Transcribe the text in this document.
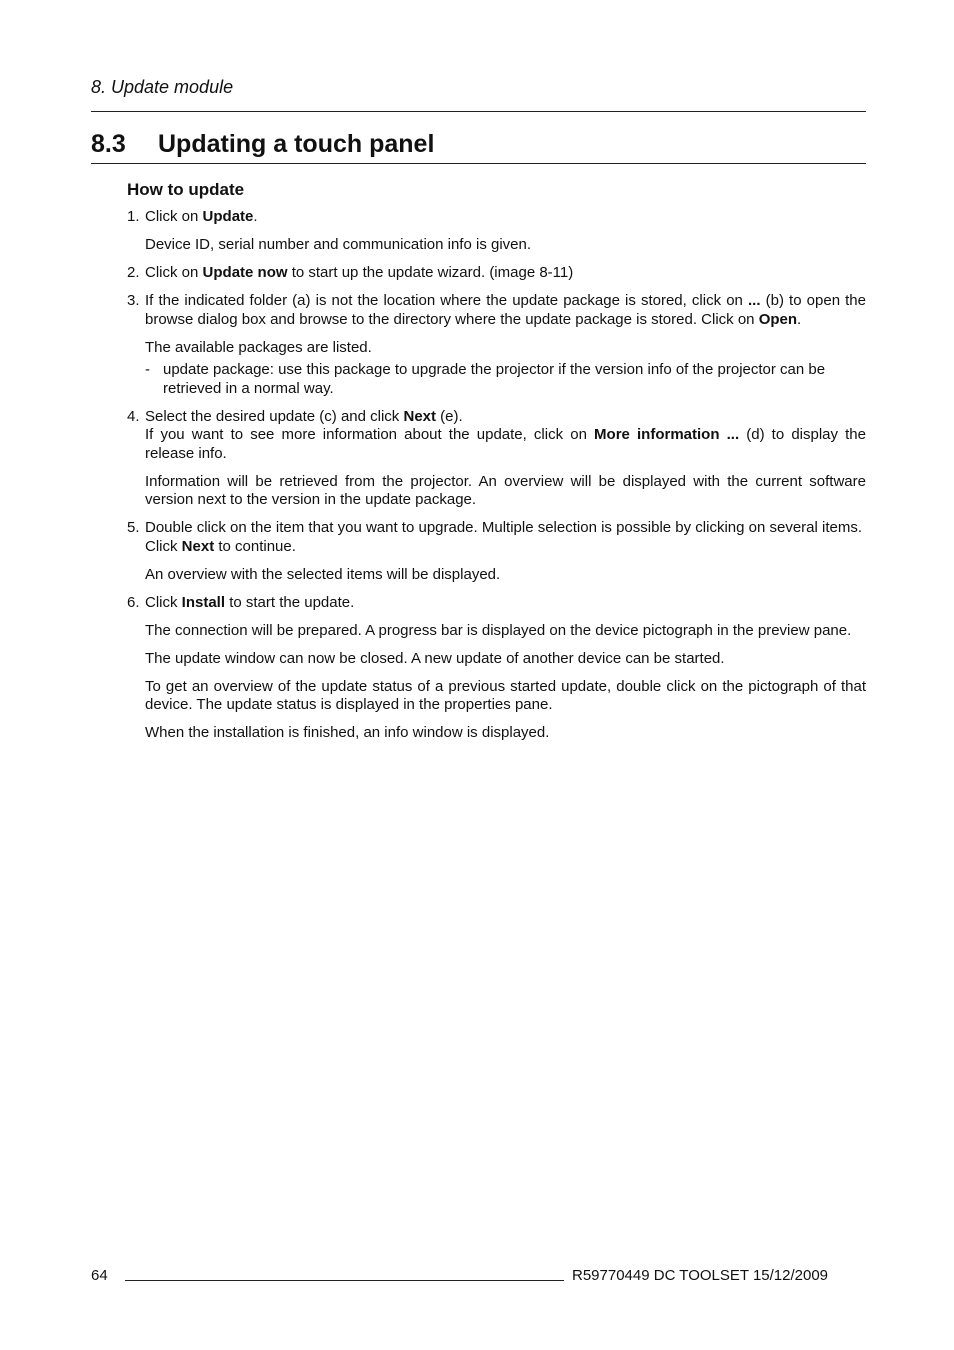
8. Update module
8.3 Updating a touch panel
How to update
1. Click on Update.

Device ID, serial number and communication info is given.

2. Click on Update now to start up the update wizard. (image 8-11)

3. If the indicated folder (a) is not the location where the update package is stored, click on ... (b) to open the browse dialog box and browse to the directory where the update package is stored. Click on Open.

The available packages are listed.

- update package: use this package to upgrade the projector if the version info of the projector can be retrieved in a normal way.
4. Select the desired update (c) and click Next (e).
If you want to see more information about the update, click on More information ... (d) to display the release info.

Information will be retrieved from the projector. An overview will be displayed with the current software version next to the version in the update package.

5. Double click on the item that you want to upgrade. Multiple selection is possible by clicking on several items.
Click Next to continue.

An overview with the selected items will be displayed.

6. Click Install to start the update.

The connection will be prepared. A progress bar is displayed on the device pictograph in the preview pane.

The update window can now be closed. A new update of another device can be started.

To get an overview of the update status of a previous started update, double click on the pictograph of that device. The update status is displayed in the properties pane.

When the installation is finished, an info window is displayed.

64	R59770449 DC TOOLSET 15/12/2009
